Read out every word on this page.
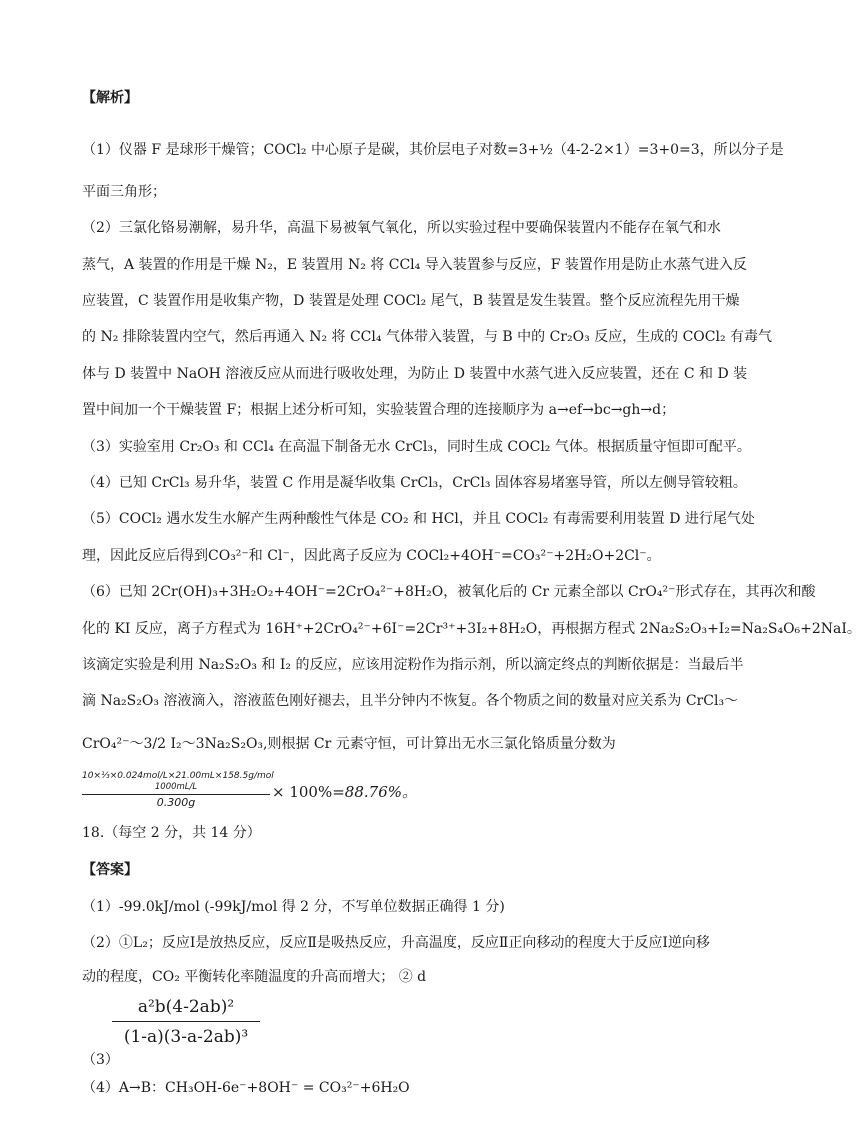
【解析】
（1）仪器 F 是球形干燥管；COCl₂ 中心原子是碳，其价层电子对数=3+½（4-2-2×1）=3+0=3，所以分子是
平面三角形；
（2）三氯化铬易潮解，易升华，高温下易被氧气氧化，所以实验过程中要确保装置内不能存在氧气和水
蒸气，A 装置的作用是干燥 N₂，E 装置用 N₂ 将 CCl₄ 导入装置参与反应，F 装置作用是防止水蒸气进入反
应装置，C 装置作用是收集产物，D 装置是处理 COCl₂ 尾气，B 装置是发生装置。整个反应流程先用干燥
的 N₂ 排除装置内空气，然后再通入 N₂ 将 CCl₄ 气体带入装置，与 B 中的 Cr₂O₃ 反应，生成的 COCl₂ 有毒气
体与 D 装置中 NaOH 溶液反应从而进行吸收处理，为防止 D 装置中水蒸气进入反应装置，还在 C 和 D 装
置中间加一个干燥装置 F；根据上述分析可知，实验装置合理的连接顺序为 a→ef→bc→gh→d；
（3）实验室用 Cr₂O₃ 和 CCl₄ 在高温下制备无水 CrCl₃，同时生成 COCl₂ 气体。根据质量守恒即可配平。
（4）已知 CrCl₃ 易升华，装置 C 作用是凝华收集 CrCl₃，CrCl₃ 固体容易堵塞导管，所以左侧导管较粗。
（5）COCl₂ 遇水发生水解产生两种酸性气体是 CO₂ 和 HCl，并且 COCl₂ 有毒需要利用装置 D 进行尾气处
理，因此反应后得到CO₃²⁻和 Cl⁻，因此离子反应为 COCl₂+4OH⁻=CO₃²⁻+2H₂O+2Cl⁻。
（6）已知 2Cr(OH)₃+3H₂O₂+4OH⁻=2CrO₄²⁻+8H₂O，被氧化后的 Cr 元素全部以 CrO₄²⁻形式存在，其再次和酸
化的 KI 反应，离子方程式为 16H⁺+2CrO₄²⁻+6I⁻=2Cr³⁺+3I₂+8H₂O，再根据方程式 2Na₂S₂O₃+I₂=Na₂S₄O₆+2NaI。
该滴定实验是利用 Na₂S₂O₃ 和 I₂ 的反应，应该用淀粉作为指示剂，所以滴定终点的判断依据是：当最后半
滴 Na₂S₂O₃ 溶液滴入，溶液蓝色刚好褪去，且半分钟内不恢复。各个物质之间的数量对应关系为 CrCl₃～
CrO₄²⁻～3/2 I₂～3Na₂S₂O₃,则根据 Cr 元素守恒，可计算出无水三氯化铬质量分数为
10×⅓×0.024mol/L×21.00mL×158.5g/mol
1000mL/L
0.300g
× 100%=88.76%。
18.（每空 2 分，共 14 分）
【答案】
（1）-99.0kJ/mol (-99kJ/mol 得 2 分，不写单位数据正确得 1 分)
（2）①L₂；反应Ⅰ是放热反应，反应Ⅱ是吸热反应，升高温度，反应Ⅱ正向移动的程度大于反应Ⅰ逆向移
动的程度，CO₂ 平衡转化率随温度的升高而增大； ② d
a²b(4-2ab)²
(1-a)(3-a-2ab)³
（3）
（4）A→B：CH₃OH-6e⁻+8OH⁻ = CO₃²⁻+6H₂O
